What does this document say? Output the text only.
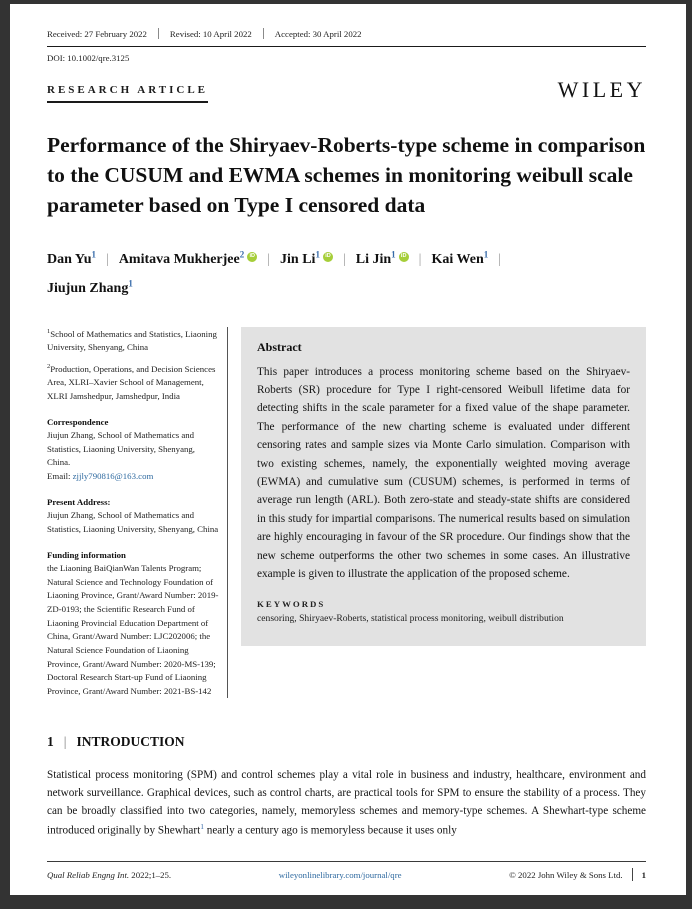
Received: 27 February 2022	Revised: 10 April 2022	Accepted: 30 April 2022
DOI: 10.1002/qre.3125
RESEARCH ARTICLE	WILEY
Performance of the Shiryaev-Roberts-type scheme in comparison to the CUSUM and EWMA schemes in monitoring weibull scale parameter based on Type I censored data
Dan Yu$^1$ | Amitava Mukherjee$^2$ iD | Jin Li$^1$ iD | Li Jin$^1$ iD | Kai Wen$^1$ |
Jiujun Zhang$^1$
$^1$School of Mathematics and Statistics, Liaoning University, Shenyang, China
$^2$Production, Operations, and Decision Sciences Area, XLRI–Xavier School of Management, XLRI Jamshedpur, Jamshedpur, India
Correspondence
Jiujun Zhang, School of Mathematics and Statistics, Liaoning University, Shenyang, China.
Email: zjjly790816@163.com
Present Address:
Jiujun Zhang, School of Mathematics and Statistics, Liaoning University, Shenyang, China
Funding information
the Liaoning BaiQianWan Talents Program; Natural Science and Technology Foundation of Liaoning Province, Grant/Award Number: 2019-ZD-0193; the Scientific Research Fund of Liaoning Provincial Education Department of China, Grant/Award Number: LJC202006; the Natural Science Foundation of Liaoning Province, Grant/Award Number: 2020-MS-139; Doctoral Research Start-up Fund of Liaoning Province, Grant/Award Number: 2021-BS-142
Abstract
This paper introduces a process monitoring scheme based on the Shiryaev-Roberts (SR) procedure for Type I right-censored Weibull lifetime data for detecting shifts in the scale parameter for a fixed value of the shape parameter. The performance of the new charting scheme is evaluated under different censoring rates and sample sizes via Monte Carlo simulation. Comparison with two existing schemes, namely, the exponentially weighted moving average (EWMA) and cumulative sum (CUSUM) schemes, is performed in terms of average run length (ARL). Both zero-state and steady-state shifts are considered in this study for impartial comparisons. The numerical results based on simulation are highly encouraging in favour of the SR procedure. Our findings show that the new scheme outperforms the other two schemes in some cases. An illustrative example is given to illustrate the application of the proposed scheme.
KEYWORDS
censoring, Shiryaev-Roberts, statistical process monitoring, weibull distribution
1 | INTRODUCTION

Statistical process monitoring (SPM) and control schemes play a vital role in business and industry, healthcare, environment and network surveillance. Graphical devices, such as control charts, are practical tools for SPM to ensure the stability of a process. They can be broadly classified into two categories, namely, memoryless schemes and memory-type schemes. A Shewhart-type scheme introduced originally by Shewhart$^1$ nearly a century ago is memoryless because it uses only

Qual Reliab Engng Int. 2022;1–25.	wileyonlinelibrary.com/journal/qre	© 2022 John Wiley & Sons Ltd. 1
